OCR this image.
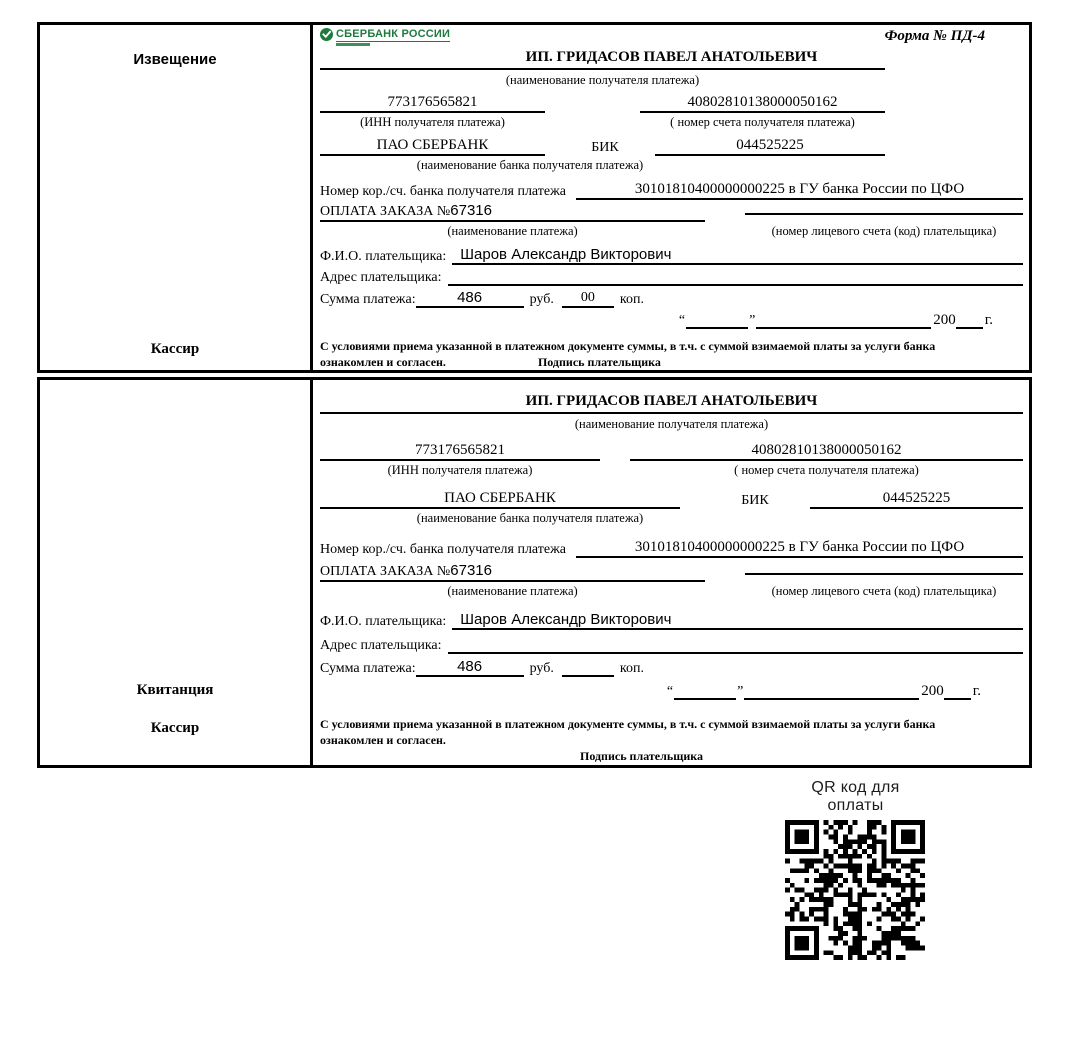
Извещение
Кассир
СБЕРБАНК РОССИИ	Форма № ПД-4
ИП. ГРИДАСОВ ПАВЕЛ АНАТОЛЬЕВИЧ
(наименование получателя платежа)
773176565821	40802810138000050162
(ИНН получателя платежа)	( номер счета получателя платежа)
ПАО СБЕРБАНК	БИК	044525225
(наименование банка получателя платежа)
Номер кор./сч. банка получателя платежа	30101810400000000225 в ГУ банка России по ЦФО
ОПЛАТА ЗАКАЗА №67316
(наименование платежа)	(номер лицевого счета (код) плательщика)
Ф.И.О. плательщика: Шаров Александр Викторович
Адрес плательщика:
Сумма платежа:	486	руб.	00	коп.
“	”	200 г.
С условиями приема указанной в платежном документе суммы, в т.ч. с суммой взимаемой платы за услуги банка
ознакомлен и согласен.	Подпись плательщика
Квитанция
Кассир
ИП. ГРИДАСОВ ПАВЕЛ АНАТОЛЬЕВИЧ
(наименование получателя платежа)
773176565821	40802810138000050162
(ИНН получателя платежа)	( номер счета получателя платежа)
ПАО СБЕРБАНК	БИК	044525225
(наименование банка получателя платежа)
Номер кор./сч. банка получателя платежа	30101810400000000225 в ГУ банка России по ЦФО
ОПЛАТА ЗАКАЗА №67316
(наименование платежа)	(номер лицевого счета (код) плательщика)
Ф.И.О. плательщика: Шаров Александр Викторович
Адрес плательщика:
Сумма платежа:	486	руб.	коп.
“	”	200 г.
С условиями приема указанной в платежном документе суммы, в т.ч. с суммой взимаемой платы за услуги банка
ознакомлен и согласен.
Подпись плательщика
QR код для оплаты
